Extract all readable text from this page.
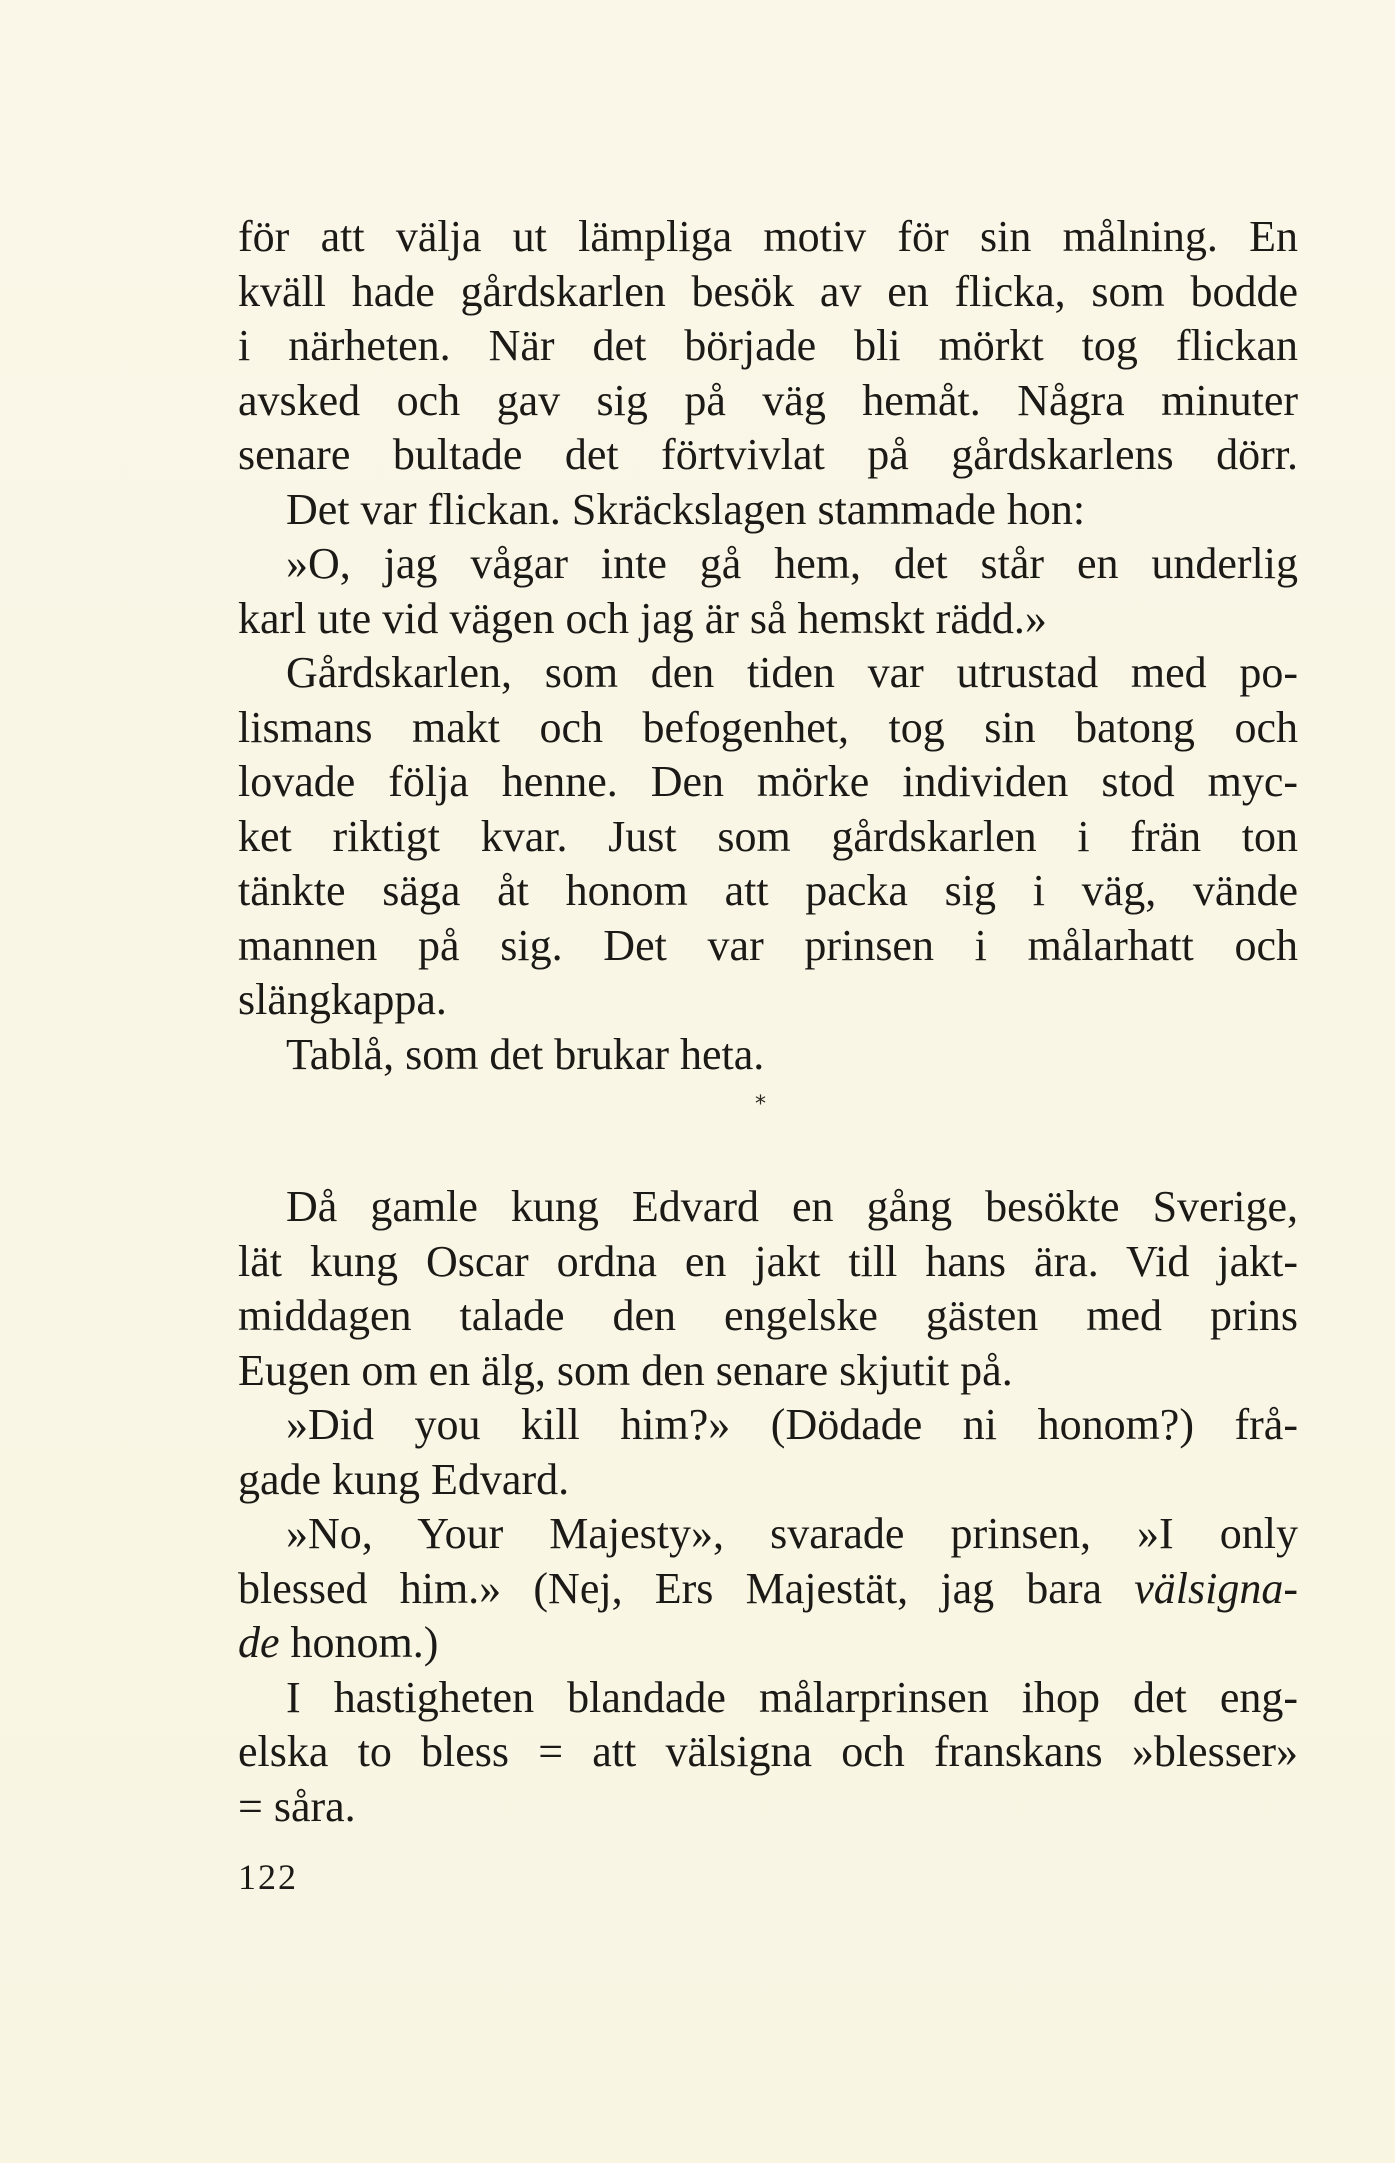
för att välja ut lämpliga motiv för sin målning. En
kväll hade gårdskarlen besök av en flicka, som bodde
i närheten. När det började bli mörkt tog flickan
avsked och gav sig på väg hemåt. Några minuter
senare bultade det förtvivlat på gårdskarlens dörr.
Det var flickan. Skräckslagen stammade hon:
»O, jag vågar inte gå hem, det står en underlig
karl ute vid vägen och jag är så hemskt rädd.»
Gårdskarlen, som den tiden var utrustad med po-
lismans makt och befogenhet, tog sin batong och
lovade följa henne. Den mörke individen stod myc-
ket riktigt kvar. Just som gårdskarlen i frän ton
tänkte säga åt honom att packa sig i väg, vände
mannen på sig. Det var prinsen i målarhatt och
slängkappa.
Tablå, som det brukar heta.
*
Då gamle kung Edvard en gång besökte Sverige,
lät kung Oscar ordna en jakt till hans ära. Vid jakt-
middagen talade den engelske gästen med prins
Eugen om en älg, som den senare skjutit på.
»Did you kill him?» (Dödade ni honom?) frå-
gade kung Edvard.
»No, Your Majesty», svarade prinsen, »I only
blessed him.» (Nej, Ers Majestät, jag bara välsigna-
de honom.)
I hastigheten blandade målarprinsen ihop det eng-
elska to bless = att välsigna och franskans »blesser»
= såra.
122
